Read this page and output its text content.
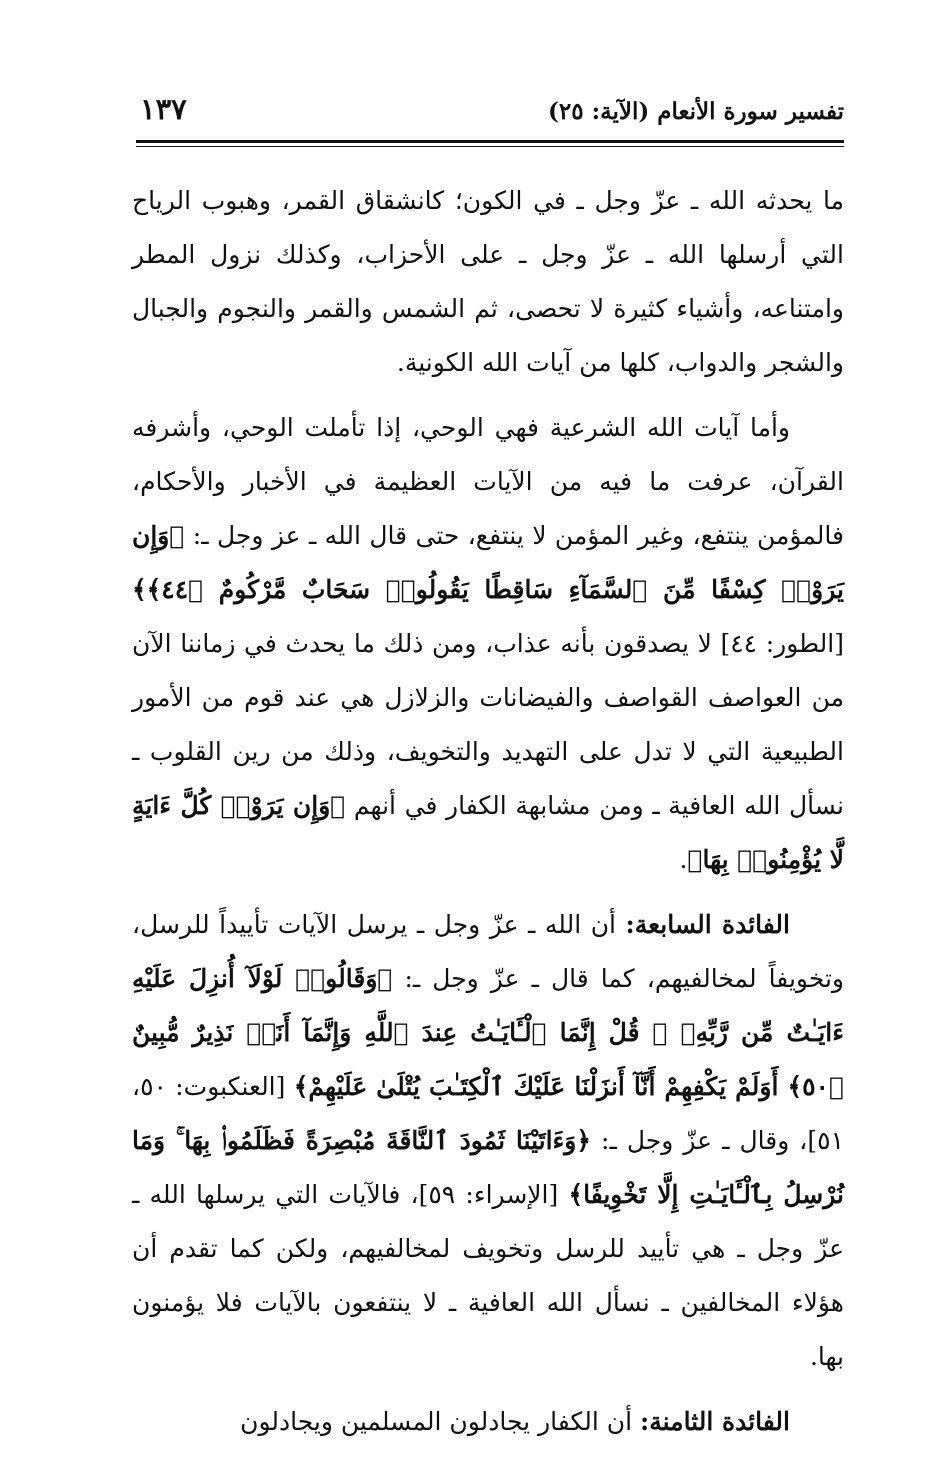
تفسير سورة الأنعام (الآية: ٢٥)
١٣٧

ما يحدثه الله ـ عزّ وجل ـ في الكون؛ كانشقاق القمر، وهبوب الرياح التي أرسلها الله ـ عزّ وجل ـ على الأحزاب، وكذلك نزول المطر وامتناعه، وأشياء كثيرة لا تحصى، ثم الشمس والقمر والنجوم والجبال والشجر والدواب، كلها من آيات الله الكونية.

وأما آيات الله الشرعية فهي الوحي، إذا تأملت الوحي، وأشرفه القرآن، عرفت ما فيه من الآيات العظيمة في الأخبار والأحكام، فالمؤمن ينتفع، وغير المؤمن لا ينتفع، حتى قال الله ـ عز وجل ـ: ﴿وَإِن يَرَوْا۟ كِسْفًا مِّنَ ٱلسَّمَآءِ سَاقِطًا يَقُولُوا۟ سَحَابٌ مَّرْكُومٌ ﴿٤٤﴾﴾ [الطور: ٤٤] لا يصدقون بأنه عذاب، ومن ذلك ما يحدث في زماننا الآن من العواصف القواصف والفيضانات والزلازل هي عند قوم من الأمور الطبيعية التي لا تدل على التهديد والتخويف، وذلك من رين القلوب ـ نسأل الله العافية ـ ومن مشابهة الكفار في أنهم ﴿وَإِن يَرَوْا۟ كُلَّ ءَايَةٍ لَّا يُؤْمِنُوا۟ بِهَا﴾.

الفائدة السابعة: أن الله ـ عزّ وجل ـ يرسل الآيات تأييداً للرسل، وتخويفاً لمخالفيهم، كما قال ـ عزّ وجل ـ: ﴿وَقَالُوا۟ لَوْلَآ أُنزِلَ عَلَيْهِ ءَايَـٰتٌ مِّن رَّبِّهِۦ ۖ قُلْ إِنَّمَا ٱلْـَٔايَـٰتُ عِندَ ٱللَّهِ وَإِنَّمَآ أَنَا۠ نَذِيرٌ مُّبِينٌ ﴿٥٠﴾ أَوَلَمْ يَكْفِهِمْ أَنَّآ أَنزَلْنَا عَلَيْكَ ٱلْكِتَـٰبَ يُتْلَىٰ عَلَيْهِمْ﴾ [العنكبوت: ٥٠، ٥١]، وقال ـ عزّ وجل ـ: ﴿وَءَاتَيْنَا ثَمُودَ ٱلنَّاقَةَ مُبْصِرَةً فَظَلَمُوا۟ بِهَا ۚ وَمَا نُرْسِلُ بِٱلْـَٔايَـٰتِ إِلَّا تَخْوِيفًا﴾ [الإسراء: ٥٩]، فالآيات التي يرسلها الله ـ عزّ وجل ـ هي تأييد للرسل وتخويف لمخالفيهم، ولكن كما تقدم أن هؤلاء المخالفين ـ نسأل الله العافية ـ لا ينتفعون بالآيات فلا يؤمنون بها.

الفائدة الثامنة: أن الكفار يجادلون المسلمين ويجادلون
